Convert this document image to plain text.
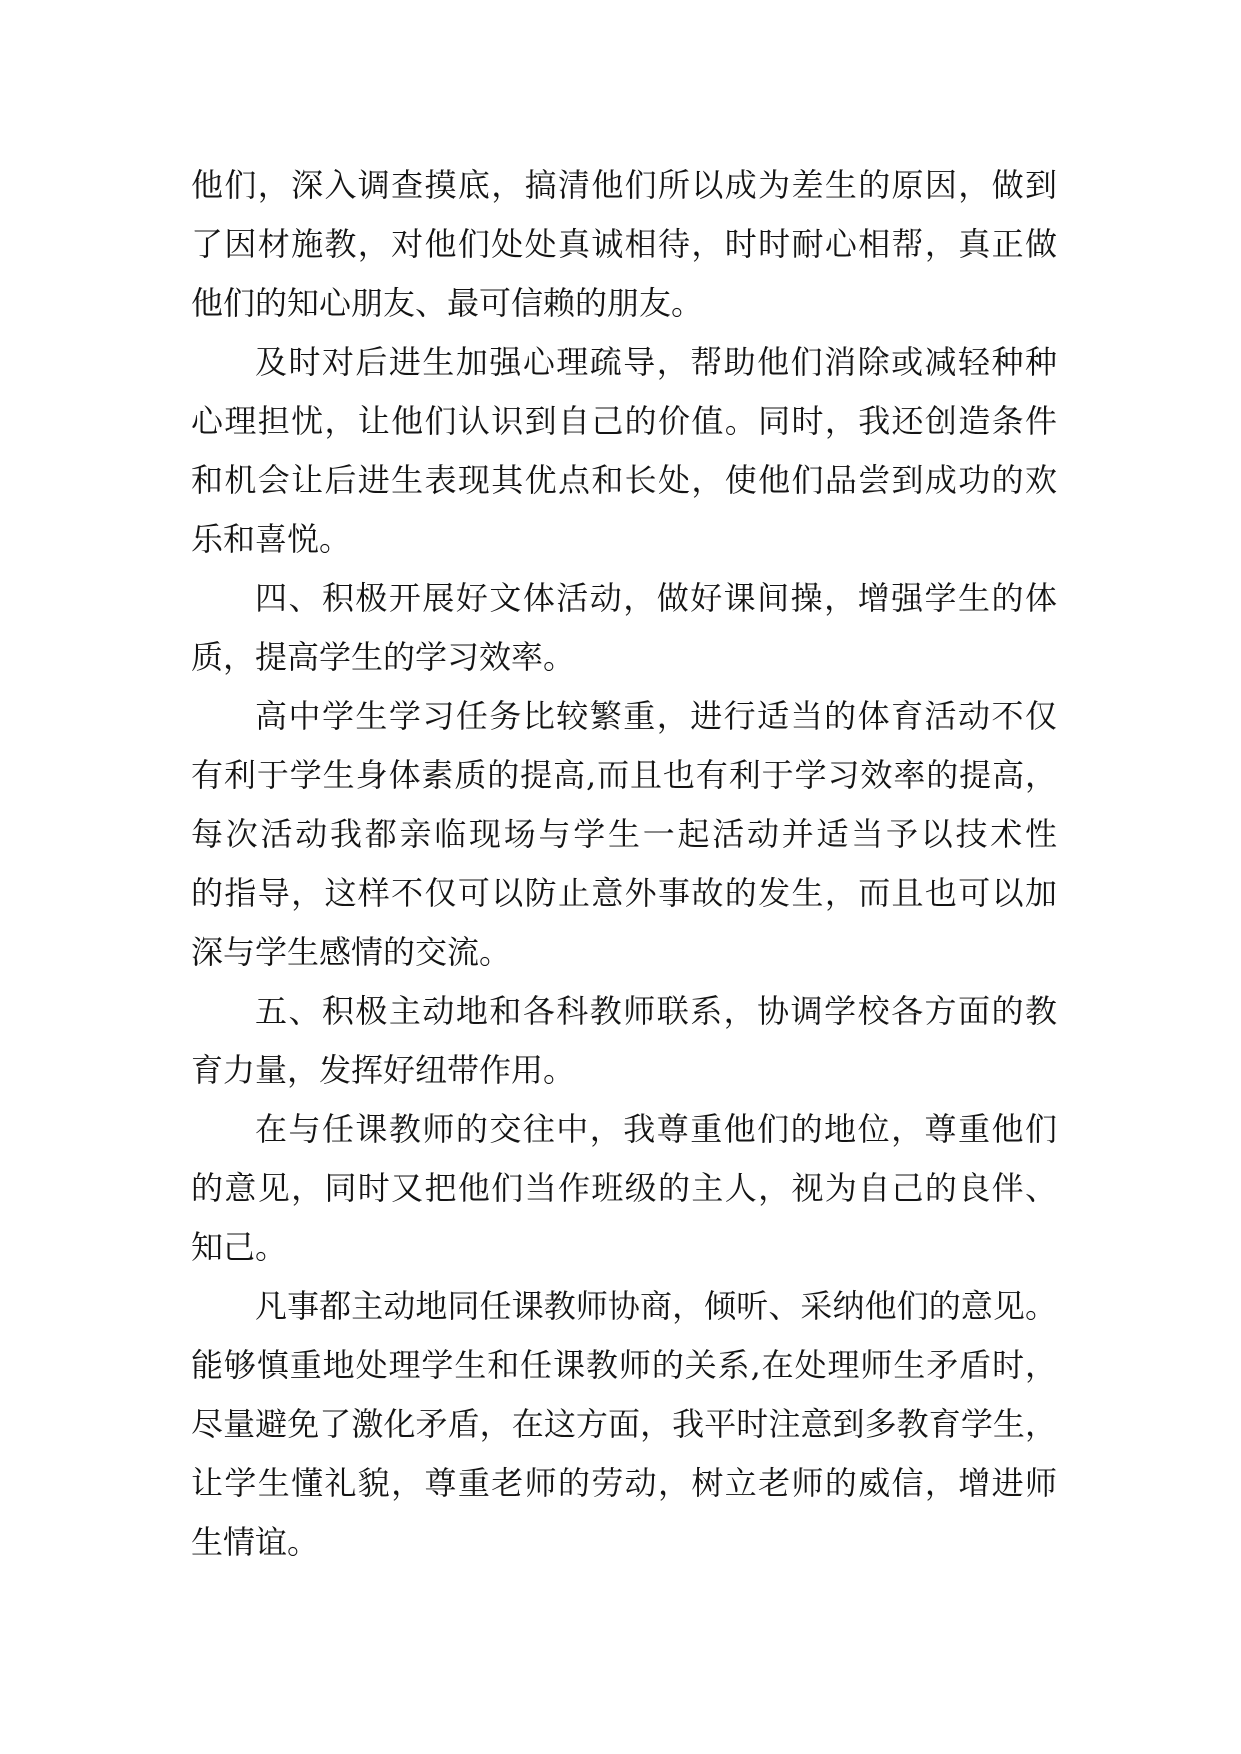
他们，深入调查摸底，搞清他们所以成为差生的原因，做到
了因材施教，对他们处处真诚相待，时时耐心相帮，真正做
他们的知心朋友、最可信赖的朋友。
及时对后进生加强心理疏导，帮助他们消除或减轻种种
心理担忧，让他们认识到自己的价值。同时，我还创造条件
和机会让后进生表现其优点和长处，使他们品尝到成功的欢
乐和喜悦。
四、积极开展好文体活动，做好课间操，增强学生的体
质，提高学生的学习效率。
高中学生学习任务比较繁重，进行适当的体育活动不仅
有利于学生身体素质的提高,而且也有利于学习效率的提高，
每次活动我都亲临现场与学生一起活动并适当予以技术性
的指导，这样不仅可以防止意外事故的发生，而且也可以加
深与学生感情的交流。
五、积极主动地和各科教师联系，协调学校各方面的教
育力量，发挥好纽带作用。
在与任课教师的交往中，我尊重他们的地位，尊重他们
的意见，同时又把他们当作班级的主人，视为自己的良伴、
知己。
凡事都主动地同任课教师协商，倾听、采纳他们的意见。
能够慎重地处理学生和任课教师的关系,在处理师生矛盾时，
尽量避免了激化矛盾，在这方面，我平时注意到多教育学生，
让学生懂礼貌，尊重老师的劳动，树立老师的威信，增进师
生情谊。
